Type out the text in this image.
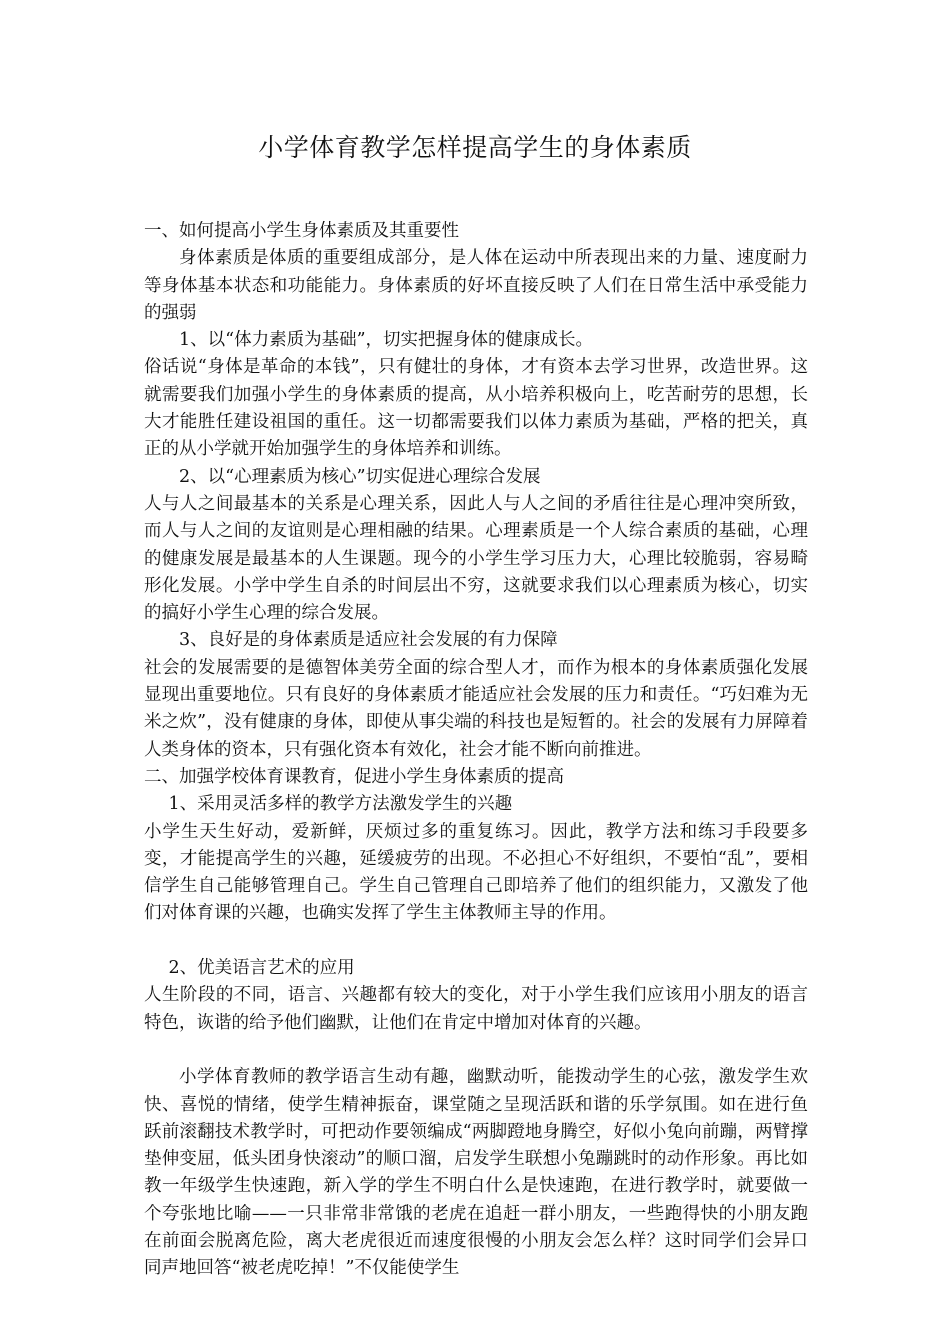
小学体育教学怎样提高学生的身体素质

一、如何提高小学生身体素质及其重要性

身体素质是体质的重要组成部分，是人体在运动中所表现出来的力量、速度耐力等身体基本状态和功能能力。身体素质的好坏直接反映了人们在日常生活中承受能力的强弱

1、以“体力素质为基础”，切实把握身体的健康成长。

俗话说“身体是革命的本钱”，只有健壮的身体，才有资本去学习世界，改造世界。这就需要我们加强小学生的身体素质的提高，从小培养积极向上，吃苦耐劳的思想，长大才能胜任建设祖国的重任。这一切都需要我们以体力素质为基础，严格的把关，真正的从小学就开始加强学生的身体培养和训练。

2、以“心理素质为核心”切实促进心理综合发展

人与人之间最基本的关系是心理关系，因此人与人之间的矛盾往往是心理冲突所致，而人与人之间的友谊则是心理相融的结果。心理素质是一个人综合素质的基础，心理的健康发展是最基本的人生课题。现今的小学生学习压力大，心理比较脆弱，容易畸形化发展。小学中学生自杀的时间层出不穷，这就要求我们以心理素质为核心，切实的搞好小学生心理的综合发展。

3、良好是的身体素质是适应社会发展的有力保障

社会的发展需要的是德智体美劳全面的综合型人才，而作为根本的身体素质强化发展显现出重要地位。只有良好的身体素质才能适应社会发展的压力和责任。“巧妇难为无米之炊”，没有健康的身体，即使从事尖端的科技也是短暂的。社会的发展有力屏障着人类身体的资本，只有强化资本有效化，社会才能不断向前推进。

二、加强学校体育课教育，促进小学生身体素质的提高

1、采用灵活多样的教学方法激发学生的兴趣

小学生天生好动，爱新鲜，厌烦过多的重复练习。因此，教学方法和练习手段要多变，才能提高学生的兴趣，延缓疲劳的出现。不必担心不好组织，不要怕“乱”，要相信学生自己能够管理自己。学生自己管理自己即培养了他们的组织能力，又激发了他们对体育课的兴趣，也确实发挥了学生主体教师主导的作用。

2、优美语言艺术的应用

人生阶段的不同，语言、兴趣都有较大的变化，对于小学生我们应该用小朋友的语言特色，诙谐的给予他们幽默，让他们在肯定中增加对体育的兴趣。

小学体育教师的教学语言生动有趣，幽默动听，能拨动学生的心弦，激发学生欢快、喜悦的情绪，使学生精神振奋，课堂随之呈现活跃和谐的乐学氛围。如在进行鱼跃前滚翻技术教学时，可把动作要领编成“两脚蹬地身腾空，好似小兔向前蹦，两臂撑垫伸变屈，低头团身快滚动”的顺口溜，启发学生联想小兔蹦跳时的动作形象。再比如教一年级学生快速跑，新入学的学生不明白什么是快速跑，在进行教学时，就要做一个夸张地比喻——一只非常非常饿的老虎在追赶一群小朋友，一些跑得快的小朋友跑在前面会脱离危险，离大老虎很近而速度很慢的小朋友会怎么样？这时同学们会异口同声地回答“被老虎吃掉！”不仅能使学生
